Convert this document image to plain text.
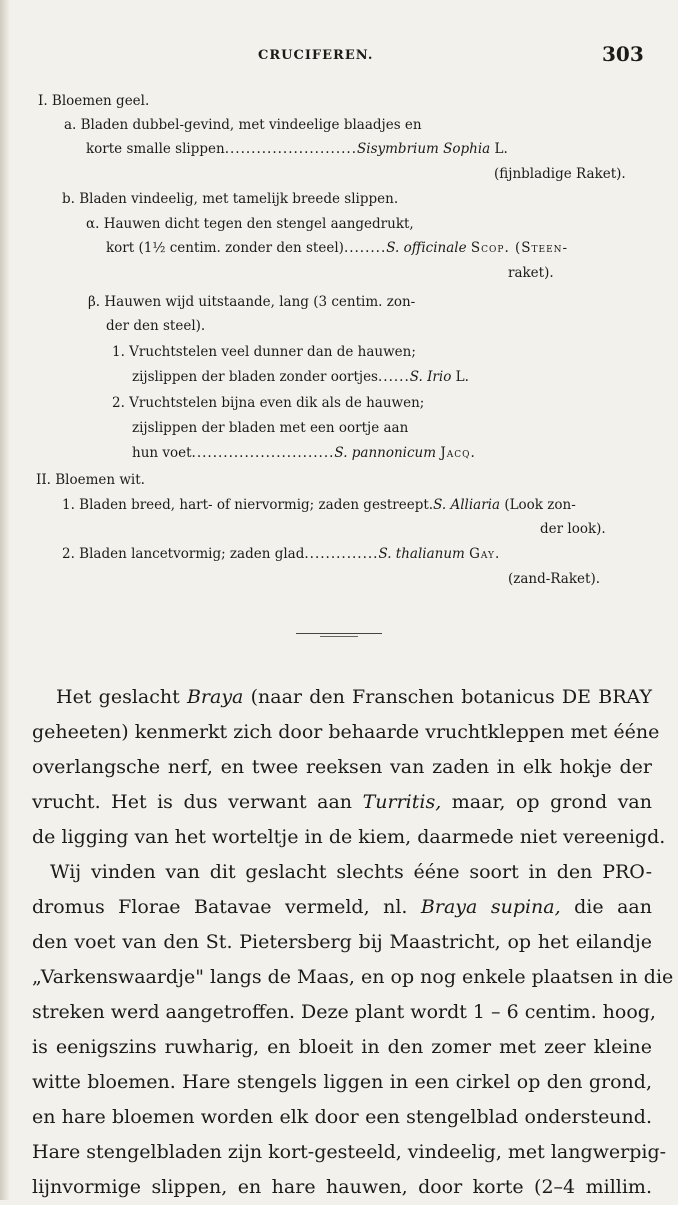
CRUCIFEREN.	303
I. Bloemen geel.
a. Bladen dubbel-gevind, met vindeelige blaadjes en
korte smalle slippen.........................Sisymbrium Sophia L.
(fijnbladige Raket).
b. Bladen vindeelig, met tamelijk breede slippen.
α. Hauwen dicht tegen den stengel aangedrukt,
kort (1½ centim. zonder den steel)........S. officinale Scop. (Steen-
raket).
β. Hauwen wijd uitstaande, lang (3 centim. zon-
der den steel).
1. Vruchtstelen veel dunner dan de hauwen;
zijslippen der bladen zonder oortjes......S. Irio L.
2. Vruchtstelen bijna even dik als de hauwen;
zijslippen der bladen met een oortje aan
hun voet...........................S. pannonicum Jacq.
II. Bloemen wit.
1. Bladen breed, hart- of niervormig; zaden gestreept.S. Alliaria (Look zon-
der look).
2. Bladen lancetvormig; zaden glad..............S. thalianum Gay.
(zand-Raket).
Het geslacht Braya (naar den Franschen botanicus DE BRAY
geheeten) kenmerkt zich door behaarde vruchtkleppen met ééne
overlangsche nerf, en twee reeksen van zaden in elk hokje der
vrucht. Het is dus verwant aan Turritis, maar, op grond van
de ligging van het worteltje in de kiem, daarmede niet vereenigd.
Wij vinden van dit geslacht slechts ééne soort in den PRO-
dromus Florae Batavae vermeld, nl. Braya supina, die aan
den voet van den St. Pietersberg bij Maastricht, op het eilandje
„Varkenswaardje" langs de Maas, en op nog enkele plaatsen in die
streken werd aangetroffen. Deze plant wordt 1 – 6 centim. hoog,
is eenigszins ruwharig, en bloeit in den zomer met zeer kleine
witte bloemen. Hare stengels liggen in een cirkel op den grond,
en hare bloemen worden elk door een stengelblad ondersteund.
Hare stengelbladen zijn kort-gesteeld, vindeelig, met langwerpig-
lijnvormige slippen, en hare hauwen, door korte (2–4 millim.
